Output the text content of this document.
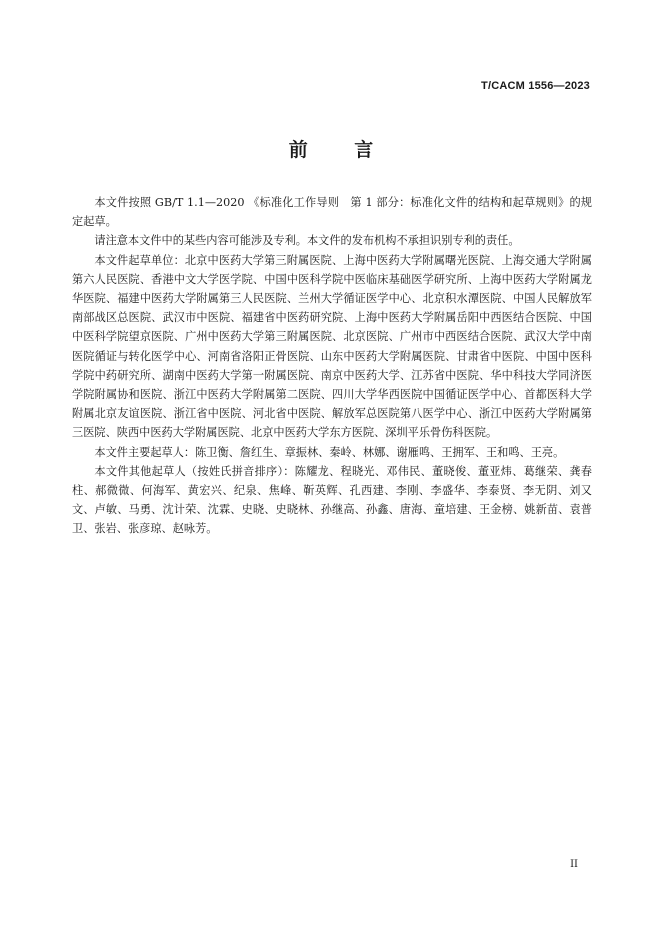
T/CACM 1556—2023
前 言

本文件按照 GB/T 1.1—2020 《标准化工作导则　第 1 部分：标准化文件的结构和起草规则》的规定起草。

请注意本文件中的某些内容可能涉及专利。本文件的发布机构不承担识别专利的责任。

本文件起草单位：北京中医药大学第三附属医院、上海中医药大学附属曙光医院、上海交通大学附属第六人民医院、香港中文大学医学院、中国中医科学院中医临床基础医学研究所、上海中医药大学附属龙华医院、福建中医药大学附属第三人民医院、兰州大学循证医学中心、北京积水潭医院、中国人民解放军南部战区总医院、武汉市中医院、福建省中医药研究院、上海中医药大学附属岳阳中西医结合医院、中国中医科学院望京医院、广州中医药大学第三附属医院、北京医院、广州市中西医结合医院、武汉大学中南医院循证与转化医学中心、河南省洛阳正骨医院、山东中医药大学附属医院、甘肃省中医院、中国中医科学院中药研究所、湖南中医药大学第一附属医院、南京中医药大学、江苏省中医院、华中科技大学同济医学院附属协和医院、浙江中医药大学附属第二医院、四川大学华西医院中国循证医学中心、首都医科大学附属北京友谊医院、浙江省中医院、河北省中医院、解放军总医院第八医学中心、浙江中医药大学附属第三医院、陕西中医药大学附属医院、北京中医药大学东方医院、深圳平乐骨伤科医院。

本文件主要起草人：陈卫衡、詹红生、章振林、秦岭、林娜、谢雁鸣、王拥军、王和鸣、王亮。

本文件其他起草人（按姓氏拼音排序）：陈耀龙、程晓光、邓伟民、董晓俊、董亚炜、葛继荣、龚春柱、郝微微、何海军、黄宏兴、纪泉、焦峰、靳英辉、孔西建、李刚、李盛华、李泰贤、李无阴、刘又文、卢敏、马勇、沈计荣、沈霖、史晓、史晓林、孙继高、孙鑫、唐海、童培建、王金榜、姚新苗、袁普卫、张岩、张彦琼、赵咏芳。

II
